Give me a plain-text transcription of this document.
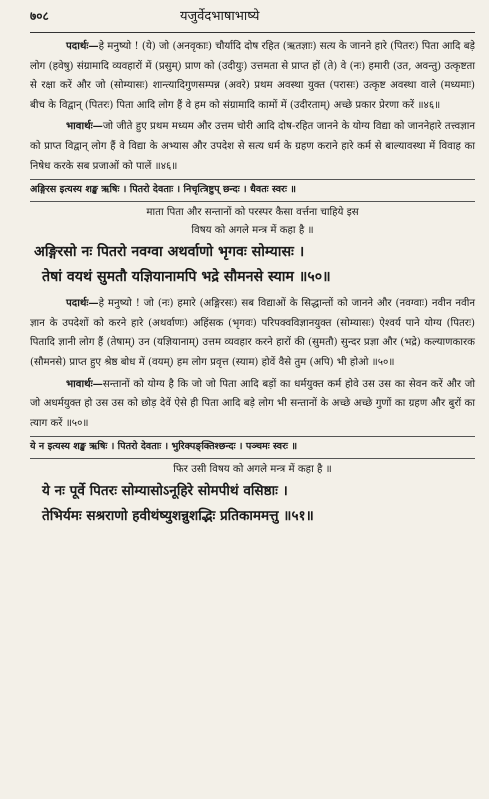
७०८	यजुर्वेदभाषाभाष्ये

पदार्थः—हे मनुष्यो ! (ये) जो (अनवृकाः) चौर्यादि दोष रहित (ऋतज्ञाः) सत्य के जानने हारे (पितरः) पिता आदि बड़े लोग (हवेषु) संग्रामादि व्यवहारों में (प्रसुम्) प्राण को (उदीयुः) उत्तमता से प्राप्त हों (ते) वे (नः) हमारी (उत, अवन्तु) उत्कृष्टता से रक्षा करें और जो (सोम्यासः) शान्त्यादिगुणसम्पन्न (अवरे) प्रथम अवस्था युक्त (परासः) उत्कृष्ट अवस्था वाले (मध्यमाः) बीच के विद्वान् (पितरः) पिता आदि लोग हैं वे हम को संग्रामादि कामों में (उदीरताम्) अच्छे प्रकार प्रेरणा करें ॥४६॥

भावार्थः—जो जीते हुए प्रथम मध्यम और उत्तम चोरी आदि दोष-रहित जानने के योग्य विद्या को जाननेहारे तत्त्वज्ञान को प्राप्त विद्वान् लोग हैं वे विद्या के अभ्यास और उपदेश से सत्य धर्म के ग्रहण कराने हारे कर्म से बाल्यावस्था में विवाह का निषेध करके सब प्रजाओं को पालें ॥४६॥

अङ्गिरस इत्यस्य शङ्ख ऋषिः । पितरो देवताः । निचृत्त्रिष्टुप् छन्दः । धैवतः स्वरः ॥
माता पिता और सन्तानों को परस्पर कैसा वर्त्तना चाहिये इस
विषय को अगले मन्त्र में कहा है ॥
अङ्गिरसो नः पितरो नवग्वा अथर्वाणो भृगवः सोम्यासः ।
तेषां वयथं सुमतौ यज्ञियानामपि भद्रे सौमनसे स्याम ॥५०॥

पदार्थः—हे मनुष्यो ! जो (नः) हमारे (अङ्गिरसः) सब विद्याओं के सिद्धान्तों को जानने और (नवग्वाः) नवीन नवीन ज्ञान के उपदेशों को करने हारे (अथर्वाणः) अहिंसक (भृगवः) परिपक्वविज्ञानयुक्त (सोम्यासः) ऐश्वर्य पाने योग्य (पितरः) पितादि ज्ञानी लोग हैं (तेषाम्) उन (यज्ञियानाम्) उत्तम व्यवहार करने हारों की (सुमतौ) सुन्दर प्रज्ञा और (भद्रे) कल्याणकारक (सौमनसे) प्राप्त हुए श्रेष्ठ बोध में (वयम्) हम लोग प्रवृत्त (स्याम) होवें वैसे तुम (अपि) भी होओ ॥५०॥

भावार्थः—सन्तानों को योग्य है कि जो जो पिता आदि बड़ों का धर्मयुक्त कर्म होवे उस उस का सेवन करें और जो जो अधर्मयुक्त हो उस उस को छोड़ देवें ऐसे ही पिता आदि बड़े लोग भी सन्तानों के अच्छे अच्छे गुणों का ग्रहण और बुरों का त्याग करें ॥५०॥

ये न इत्यस्य शङ्ख ऋषिः । पितरो देवताः । भुरिक्पङ्क्तिश्छन्दः । पञ्चमः स्वरः ॥
फिर उसी विषय को अगले मन्त्र में कहा है ॥
ये नः पूर्वे पितरः सोम्यासोऽनूहिरे सोमपीथं वसिष्ठाः ।
तेभिर्यमः सश्रराणो हवीथंष्युशन्नुशद्भिः प्रतिकाममत्तु ॥५१॥
